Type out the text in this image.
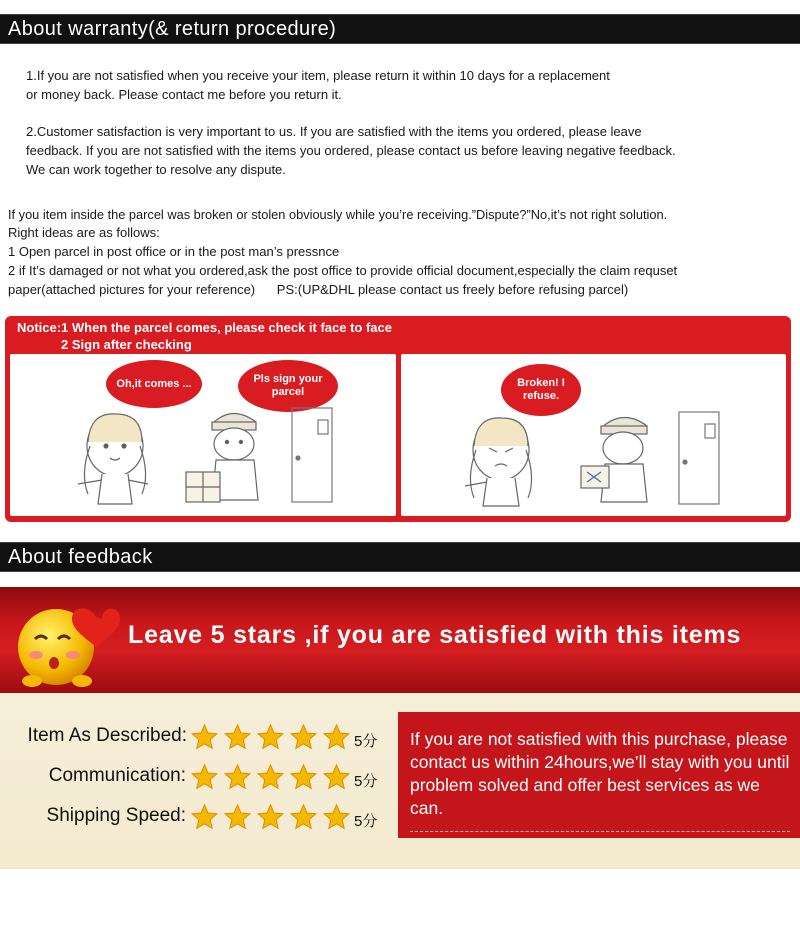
About warranty(& return procedure)
1.If you are not satisfied when you receive your item, please return it within 10 days for a replacement
or money back. Please contact me before you return it.
2.Customer satisfaction is very important to us. If you are satisfied with the items you ordered, please leave
feedback. If you are not satisfied with the items you ordered, please contact us before leaving negative feedback.
We can work together to resolve any dispute.
If you item inside the parcel was broken or stolen obviously while you’re receiving.”Dispute?”No,it’s not right solution.
Right ideas are as follows:
1 Open parcel in post office or in the post man’s pressnce
2 if It’s damaged or not what you ordered,ask the post office to provide official document,especially the claim requset
paper(attached pictures for your reference)      PS:(UP&DHL please contact us freely before refusing parcel)
Notice:1 When the parcel comes, please check it face to face
2 Sign after checking
Oh,it comes ...	Pls sign your parcel
Broken! I refuse.
About feedback
Leave 5 stars ,if you are satisfied with this items
Item As Described:	5分
Communication:	5分
Shipping Speed:	5分
If you are not satisfied with this purchase, please contact us within 24hours,we’ll stay with you until problem solved and offer best services as we can.
